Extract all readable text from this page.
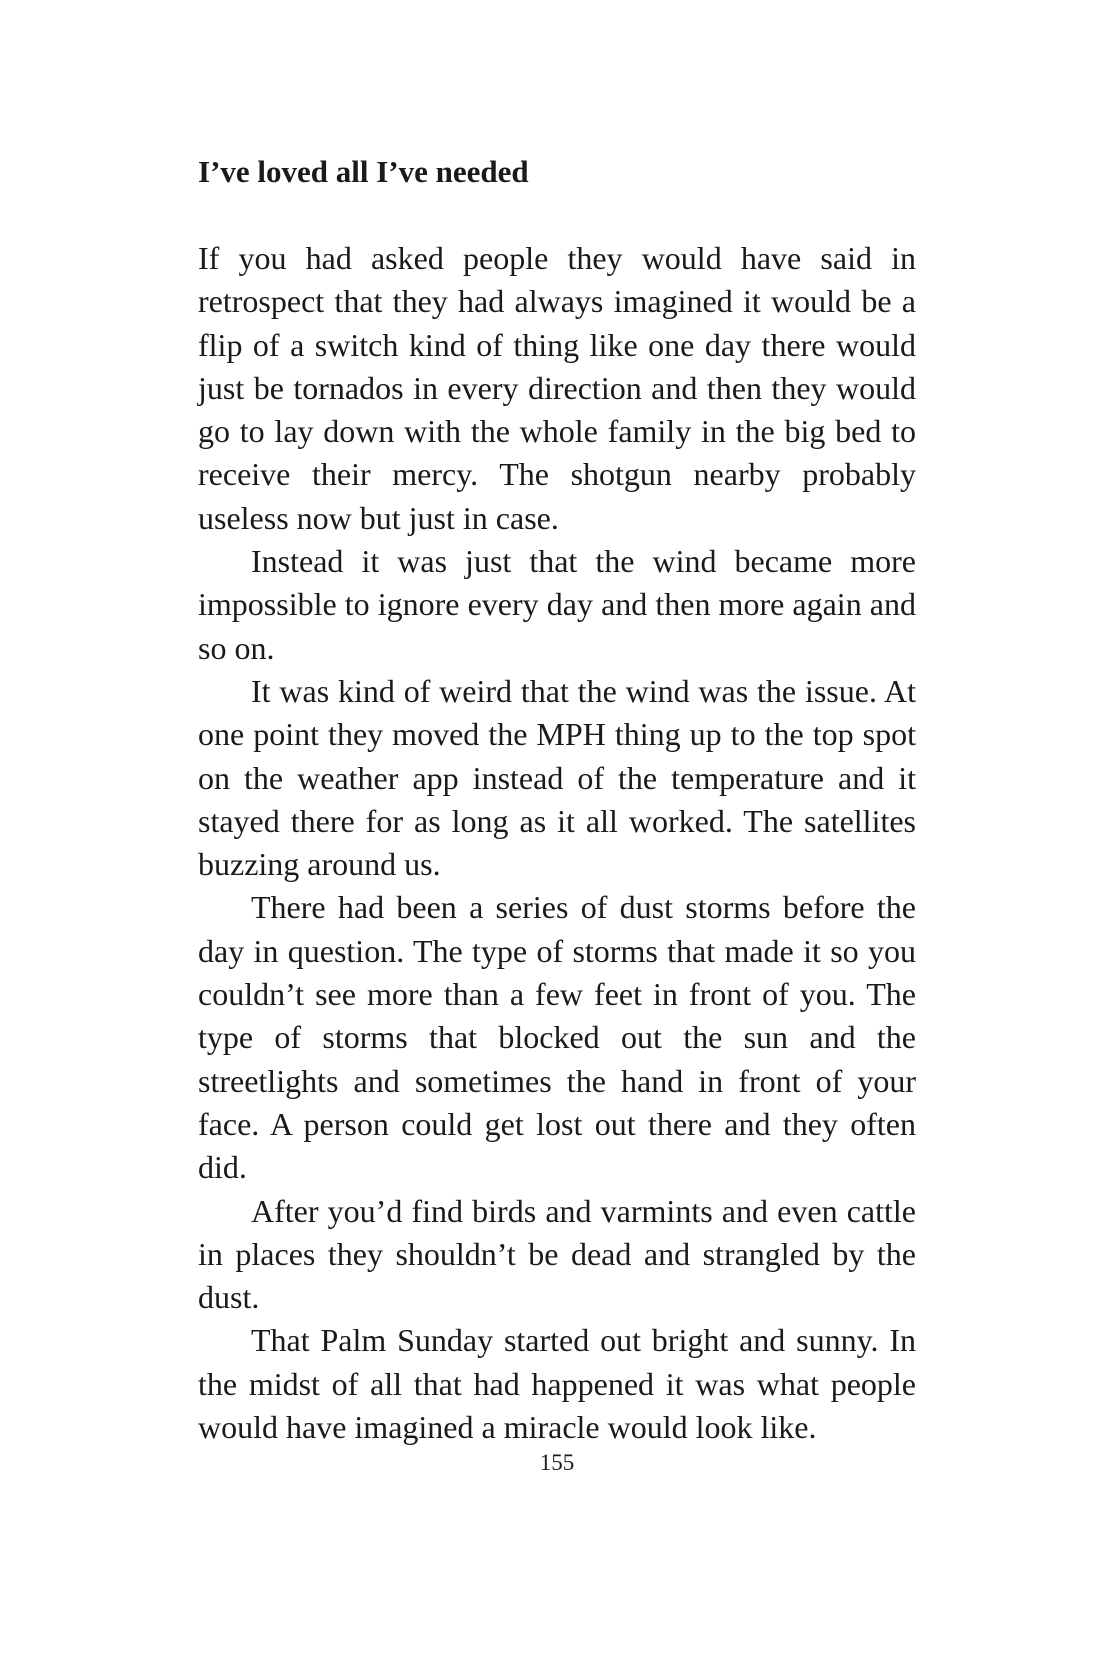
I’ve loved all I’ve needed

If you had asked people they would have said in retrospect that they had always imagined it would be a flip of a switch kind of thing like one day there would just be tornados in every direction and then they would go to lay down with the whole family in the big bed to receive their mercy. The shotgun nearby probably useless now but just in case.

Instead it was just that the wind became more impossible to ignore every day and then more again and so on.

It was kind of weird that the wind was the issue. At one point they moved the MPH thing up to the top spot on the weather app instead of the temperature and it stayed there for as long as it all worked. The satellites buzzing around us.

There had been a series of dust storms before the day in question. The type of storms that made it so you couldn’t see more than a few feet in front of you. The type of storms that blocked out the sun and the streetlights and sometimes the hand in front of your face. A person could get lost out there and they often did.

After you’d find birds and varmints and even cattle in places they shouldn’t be dead and strangled by the dust.

That Palm Sunday started out bright and sunny. In the midst of all that had happened it was what people would have imagined a miracle would look like.

155
